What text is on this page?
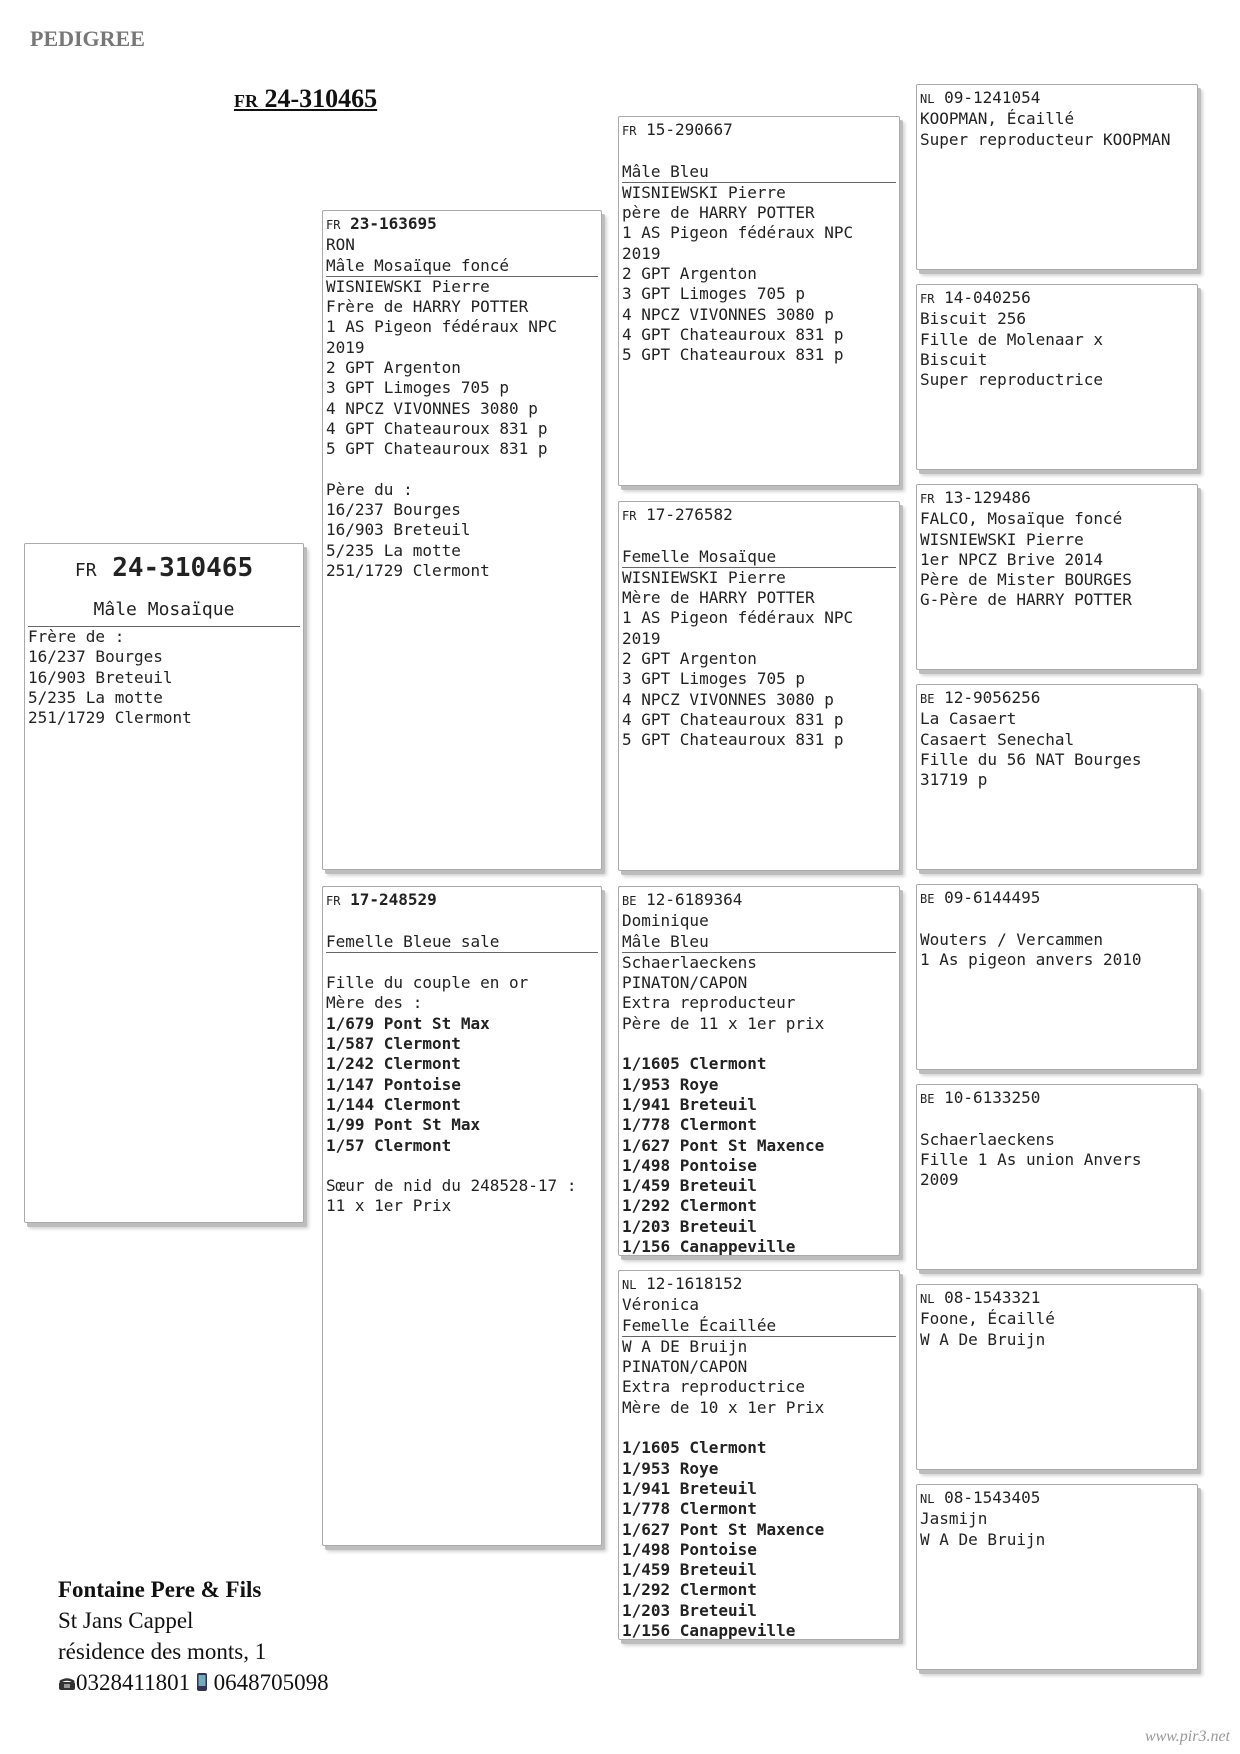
PEDIGREE
FR 24-310465
FR 24-310465
Mâle Mosaïque
Frère de :
16/237 Bourges
16/903 Breteuil
5/235 La motte
251/1729 Clermont
FR 23-163695
RON
Mâle Mosaïque foncé
WISNIEWSKI Pierre
Frère de HARRY POTTER
1 AS Pigeon fédéraux NPC
2019
2 GPT Argenton
3 GPT Limoges 705 p
4 NPCZ VIVONNES 3080 p
4 GPT Chateauroux 831 p
5 GPT Chateauroux 831 p
Père du :
16/237 Bourges
16/903 Breteuil
5/235 La motte
251/1729 Clermont
FR 17-248529
Femelle Bleue sale
Fille du couple en or
Mère des :
1/679 Pont St Max
1/587 Clermont
1/242 Clermont
1/147 Pontoise
1/144 Clermont
1/99 Pont St Max
1/57 Clermont
Sœur de nid du 248528-17 :
11 x 1er Prix
FR 15-290667
Mâle Bleu
WISNIEWSKI Pierre
père de HARRY POTTER
1 AS Pigeon fédéraux NPC
2019
2 GPT Argenton
3 GPT Limoges 705 p
4 NPCZ VIVONNES 3080 p
4 GPT Chateauroux 831 p
5 GPT Chateauroux 831 p
FR 17-276582
Femelle Mosaïque
WISNIEWSKI Pierre
Mère de HARRY POTTER
1 AS Pigeon fédéraux NPC
2019
2 GPT Argenton
3 GPT Limoges 705 p
4 NPCZ VIVONNES 3080 p
4 GPT Chateauroux 831 p
5 GPT Chateauroux 831 p
BE 12-6189364
Dominique
Mâle Bleu
Schaerlaeckens
PINATON/CAPON
Extra reproducteur
Père de 11 x 1er prix
1/1605 Clermont
1/953 Roye
1/941 Breteuil
1/778 Clermont
1/627 Pont St Maxence
1/498 Pontoise
1/459 Breteuil
1/292 Clermont
1/203 Breteuil
1/156 Canappeville
NL 12-1618152
Véronica
Femelle Écaillée
W A DE Bruijn
PINATON/CAPON
Extra reproductrice
Mère de 10 x 1er Prix
1/1605 Clermont
1/953 Roye
1/941 Breteuil
1/778 Clermont
1/627 Pont St Maxence
1/498 Pontoise
1/459 Breteuil
1/292 Clermont
1/203 Breteuil
1/156 Canappeville
NL 09-1241054
KOOPMAN, Écaillé
Super reproducteur KOOPMAN
FR 14-040256
Biscuit 256
Fille de Molenaar x
Biscuit
Super reproductrice
FR 13-129486
FALCO, Mosaïque foncé
WISNIEWSKI Pierre
1er NPCZ Brive 2014
Père de Mister BOURGES
G-Père de HARRY POTTER
BE 12-9056256
La Casaert
Casaert Senechal
Fille du 56 NAT Bourges
31719 p
BE 09-6144495
Wouters / Vercammen
1 As pigeon anvers 2010
BE 10-6133250
Schaerlaeckens
Fille 1 As union Anvers
2009
NL 08-1543321
Foone, Écaillé
W A De Bruijn
NL 08-1543405
Jasmijn
W A De Bruijn
Fontaine Pere & Fils
St Jans Cappel
résidence des monts, 1
0328411801 0648705098
www.pir3.net
